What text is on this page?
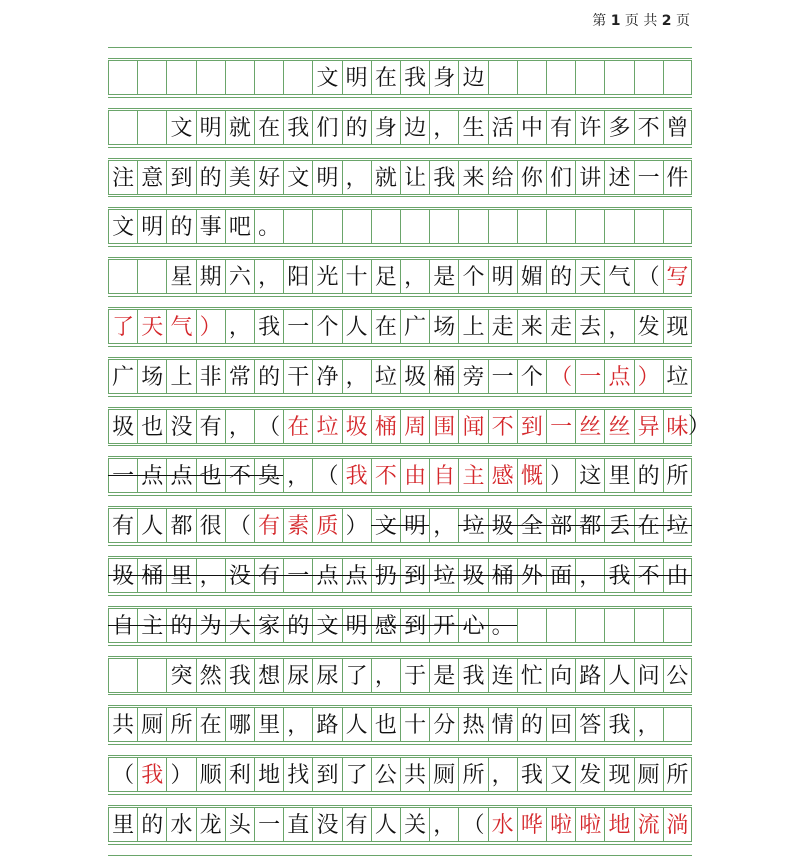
第 1 页 共 2 页
文 明 在 我 身 边
文 明 就 在 我 们 的 身 边 ， 生 活 中 有 许 多 不 曾
注 意 到 的 美 好 文 明 ， 就 让 我 来 给 你 们 讲 述 一 件
文 明 的 事 吧 。
星 期 六 ， 阳 光 十 足 ， 是 个 明 媚 的 天 气 （ 写
了 天 气 ） ， 我 一 个 人 在 广 场 上 走 来 走 去 ， 发 现
广 场 上 非 常 的 干 净 ， 垃 圾 桶 旁 一 个 （ 一 点 ） 垃
圾 也 没 有 ， （ 在 垃 圾 桶 周 围 闻 不 到 一 丝 丝 异 味
一 点 点 也 不 臭 ， （ 我 不 由 自 主 感 慨 ） 这 里 的 所
有 人 都 很 （ 有 素 质 ） 文 明 ， 垃 圾 全 部 都 丢 在 垃
圾 桶 里 ， 没 有 一 点 点 扔 到 垃 圾 桶 外 面 ， 我 不 由
自 主 的 为 大 家 的 文 明 感 到 开 心 。
突 然 我 想 尿 尿 了 ， 于 是 我 连 忙 向 路 人 问 公
共 厕 所 在 哪 里 ， 路 人 也 十 分 热 情 的 回 答 我 ，
（ 我 ） 顺 利 地 找 到 了 公 共 厕 所 ， 我 又 发 现 厕 所
里 的 水 龙 头 一 直 没 有 人 关 ， （ 水 哗 啦 啦 地 流 淌
）
